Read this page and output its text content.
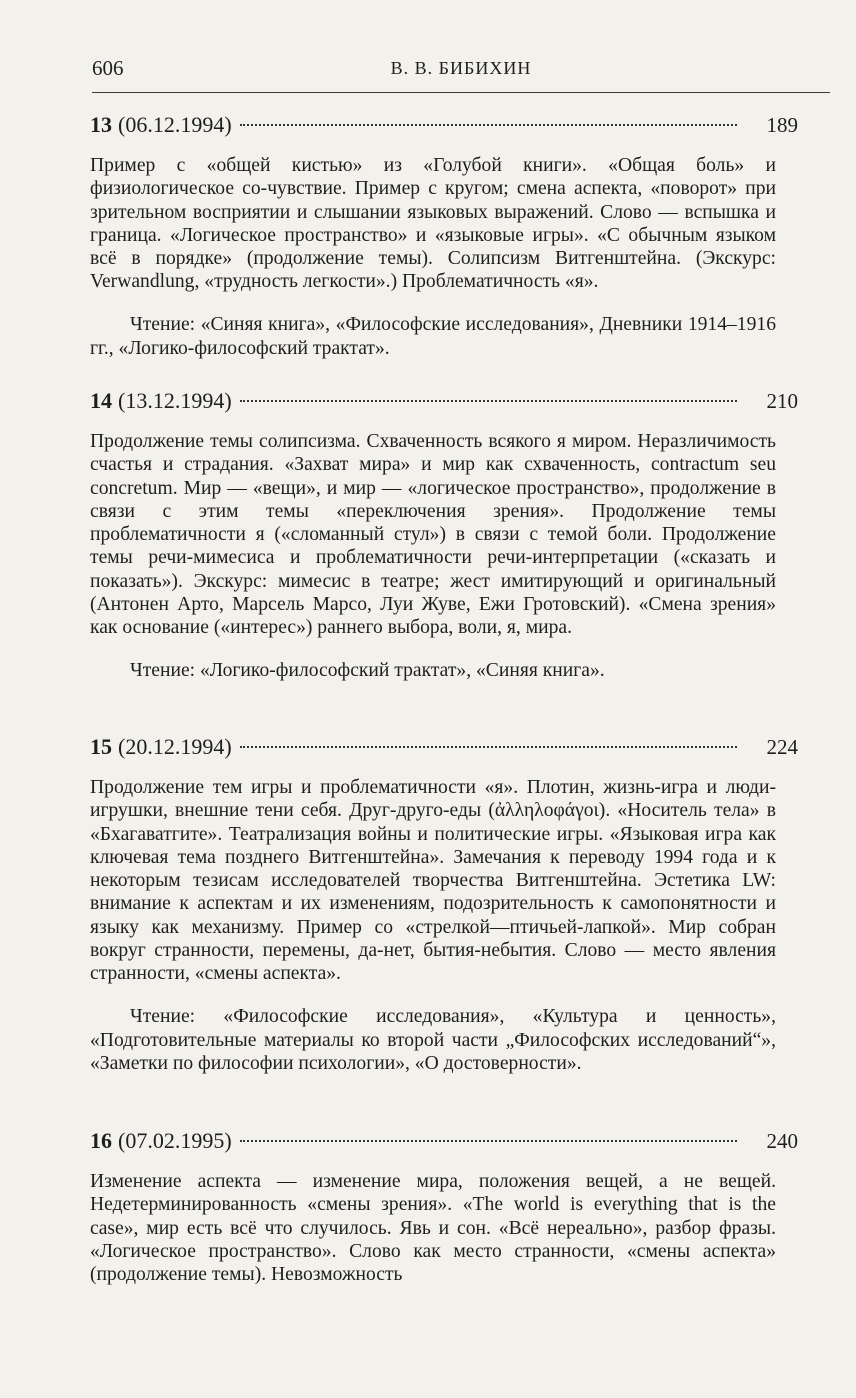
606	В. В. БИБИХИН
13 (06.12.1994)	189

Пример с «общей кистью» из «Голубой книги». «Общая боль» и физиологическое со-чувствие. Пример с кругом; смена аспекта, «поворот» при зрительном восприятии и слышании языковых выражений. Слово — вспышка и граница. «Логическое пространство» и «языковые игры». «С обычным языком всё в порядке» (продолжение темы). Солипсизм Витгенштейна. (Экскурс: Verwandlung, «трудность легкости».) Проблематичность «я».

Чтение: «Синяя книга», «Философские исследования», Дневники 1914–1916 гг., «Логико-философский трактат».

14 (13.12.1994)	210

Продолжение темы солипсизма. Схваченность всякого я миром. Неразличимость счастья и страдания. «Захват мира» и мир как схваченность, contractum seu concretum. Мир — «вещи», и мир — «логическое пространство», продолжение в связи с этим темы «переключения зрения». Продолжение темы проблематичности я («сломанный стул») в связи с темой боли. Продолжение темы речи-мимесиса и проблематичности речи-интерпретации («сказать и показать»). Экскурс: мимесис в театре; жест имитирующий и оригинальный (Антонен Арто, Марсель Марсо, Луи Жуве, Ежи Гротовский). «Смена зрения» как основание («интерес») раннего выбора, воли, я, мира.

Чтение: «Логико-философский трактат», «Синяя книга».

15 (20.12.1994)	224

Продолжение тем игры и проблематичности «я». Плотин, жизнь-игра и люди-игрушки, внешние тени себя. Друг-друго-еды (ἀλληλοφάγοι). «Носитель тела» в «Бхагаватгите». Театрализация войны и политические игры. «Языковая игра как ключевая тема позднего Витгенштейна». Замечания к переводу 1994 года и к некоторым тезисам исследователей творчества Витгенштейна. Эстетика LW: внимание к аспектам и их изменениям, подозрительность к самопонятности и языку как механизму. Пример со «стрелкой—птичьей-лапкой». Мир собран вокруг странности, перемены, да-нет, бытия-небытия. Слово — место явления странности, «смены аспекта».

Чтение: «Философские исследования», «Культура и ценность», «Подготовительные материалы ко второй части „Философских исследований“», «Заметки по философии психологии», «О достоверности».

16 (07.02.1995)	240

Изменение аспекта — изменение мира, положения вещей, а не вещей. Недетерминированность «смены зрения». «The world is everything that is the case», мир есть всё что случилось. Явь и сон. «Всё нереально», разбор фразы. «Логическое пространство». Слово как место странности, «смены аспекта» (продолжение темы). Невозможность
